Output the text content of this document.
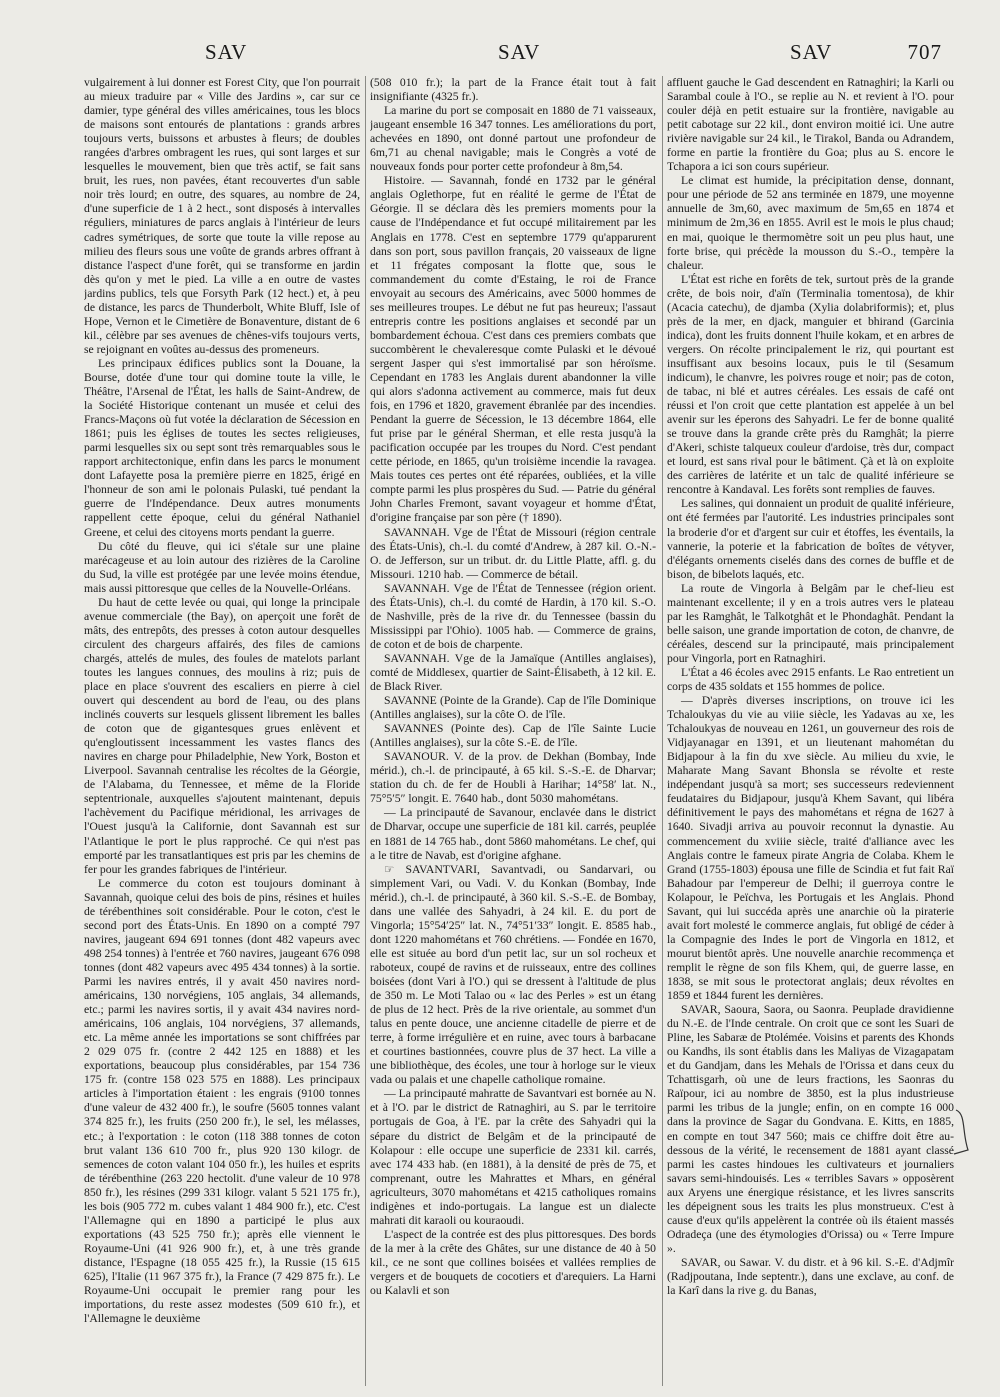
SAV	SAV	SAV	707

vulgairement à lui donner est Forest City, que l'on pourrait au mieux traduire par « Ville des Jardins », car sur ce damier, type général des villes américaines, tous les blocs de maisons sont entourés de plantations : grands arbres toujours verts, buissons et arbustes à fleurs; de doubles rangées d'arbres ombragent les rues, qui sont larges et sur lesquelles le mouvement, bien que très actif, se fait sans bruit, les rues, non pavées, étant recouvertes d'un sable noir très lourd; en outre, des squares, au nombre de 24, d'une superficie de 1 à 2 hect., sont disposés à intervalles réguliers, miniatures de parcs anglais à l'intérieur de leurs cadres symétriques, de sorte que toute la ville repose au milieu des fleurs sous une voûte de grands arbres offrant à distance l'aspect d'une forêt, qui se transforme en jardin dès qu'on y met le pied. La ville a en outre de vastes jardins publics, tels que Forsyth Park (12 hect.) et, à peu de distance, les parcs de Thunderbolt, White Bluff, Isle of Hope, Vernon et le Cimetière de Bonaventure, distant de 6 kil., célèbre par ses avenues de chênes-vifs toujours verts, se rejoignant en voûtes au-dessus des promeneurs.

Les principaux édifices publics sont la Douane, la Bourse, dotée d'une tour qui domine toute la ville, le Théâtre, l'Arsenal de l'État, les halls de Saint-Andrew, de la Société Historique contenant un musée et celui des Francs-Maçons où fut votée la déclaration de Sécession en 1861; puis les églises de toutes les sectes religieuses, parmi lesquelles six ou sept sont très remarquables sous le rapport architectonique, enfin dans les parcs le monument dont Lafayette posa la première pierre en 1825, érigé en l'honneur de son ami le polonais Pulaski, tué pendant la guerre de l'Indépendance. Deux autres monuments rappellent cette époque, celui du général Nathaniel Greene, et celui des citoyens morts pendant la guerre.

Du côté du fleuve, qui ici s'étale sur une plaine marécageuse et au loin autour des rizières de la Caroline du Sud, la ville est protégée par une levée moins étendue, mais aussi pittoresque que celles de la Nouvelle-Orléans.

Du haut de cette levée ou quai, qui longe la principale avenue commerciale (the Bay), on aperçoit une forêt de mâts, des entrepôts, des presses à coton autour desquelles circulent des chargeurs affairés, des files de camions chargés, attelés de mules, des foules de matelots parlant toutes les langues connues, des moulins à riz; puis de place en place s'ouvrent des escaliers en pierre à ciel ouvert qui descendent au bord de l'eau, ou des plans inclinés couverts sur lesquels glissent librement les balles de coton que de gigantesques grues enlèvent et qu'engloutissent incessamment les vastes flancs des navires en charge pour Philadelphie, New York, Boston et Liverpool. Savannah centralise les récoltes de la Géorgie, de l'Alabama, du Tennessee, et même de la Floride septentrionale, auxquelles s'ajoutent maintenant, depuis l'achèvement du Pacifique méridional, les arrivages de l'Ouest jusqu'à la Californie, dont Savannah est sur l'Atlantique le port le plus rapproché. Ce qui n'est pas emporté par les transatlantiques est pris par les chemins de fer pour les grandes fabriques de l'intérieur.

Le commerce du coton est toujours dominant à Savannah, quoique celui des bois de pins, résines et huiles de térébenthines soit considérable. Pour le coton, c'est le second port des États-Unis. En 1890 on a compté 797 navires, jaugeant 694 691 tonnes (dont 482 vapeurs avec 498 254 tonnes) à l'entrée et 760 navires, jaugeant 676 098 tonnes (dont 482 vapeurs avec 495 434 tonnes) à la sortie. Parmi les navires entrés, il y avait 450 navires nord-américains, 130 norvégiens, 105 anglais, 34 allemands, etc.; parmi les navires sortis, il y avait 434 navires nord-américains, 106 anglais, 104 norvégiens, 37 allemands, etc. La même année les importations se sont chiffrées par 2 029 075 fr. (contre 2 442 125 en 1888) et les exportations, beaucoup plus considérables, par 154 736 175 fr. (contre 158 023 575 en 1888). Les principaux articles à l'importation étaient : les engrais (9100 tonnes d'une valeur de 432 400 fr.), le soufre (5605 tonnes valant 374 825 fr.), les fruits (250 200 fr.), le sel, les mélasses, etc.; à l'exportation : le coton (118 388 tonnes de coton brut valant 136 610 700 fr., plus 920 130 kilogr. de semences de coton valant 104 050 fr.), les huiles et esprits de térébenthine (263 220 hectolit. d'une valeur de 10 978 850 fr.), les résines (299 331 kilogr. valant 5 521 175 fr.), les bois (905 772 m. cubes valant 1 484 900 fr.), etc. C'est l'Allemagne qui en 1890 a participé le plus aux exportations (43 525 750 fr.); après elle viennent le Royaume-Uni (41 926 900 fr.), et, à une très grande distance, l'Espagne (18 055 425 fr.), la Russie (15 615 625), l'Italie (11 967 375 fr.), la France (7 429 875 fr.). Le Royaume-Uni occupait le premier rang pour les importations, du reste assez modestes (509 610 fr.), et l'Allemagne le deuxième

(508 010 fr.); la part de la France était tout à fait insignifiante (4325 fr.).

La marine du port se composait en 1880 de 71 vaisseaux, jaugeant ensemble 16 347 tonnes. Les améliorations du port, achevées en 1890, ont donné partout une profondeur de 6m,71 au chenal navigable; mais le Congrès a voté de nouveaux fonds pour porter cette profondeur à 8m,54.

Histoire. — Savannah, fondé en 1732 par le général anglais Oglethorpe, fut en réalité le germe de l'État de Géorgie. Il se déclara dès les premiers moments pour la cause de l'Indépendance et fut occupé militairement par les Anglais en 1778. C'est en septembre 1779 qu'apparurent dans son port, sous pavillon français, 20 vaisseaux de ligne et 11 frégates composant la flotte que, sous le commandement du comte d'Estaing, le roi de France envoyait au secours des Américains, avec 5000 hommes de ses meilleures troupes. Le début ne fut pas heureux; l'assaut entrepris contre les positions anglaises et secondé par un bombardement échoua. C'est dans ces premiers combats que succombèrent le chevaleresque comte Pulaski et le dévoué sergent Jasper qui s'est immortalisé par son héroïsme. Cependant en 1783 les Anglais durent abandonner la ville qui alors s'adonna activement au commerce, mais fut deux fois, en 1796 et 1820, gravement ébranlée par des incendies. Pendant la guerre de Sécession, le 13 décembre 1864, elle fut prise par le général Sherman, et elle resta jusqu'à la pacification occupée par les troupes du Nord. C'est pendant cette période, en 1865, qu'un troisième incendie la ravagea. Mais toutes ces pertes ont été réparées, oubliées, et la ville compte parmi les plus prospères du Sud. — Patrie du général John Charles Fremont, savant voyageur et homme d'État, d'origine française par son père († 1890).

SAVANNAH. Vge de l'État de Missouri (région centrale des États-Unis), ch.-l. du comté d'Andrew, à 287 kil. O.-N.-O. de Jefferson, sur un tribut. dr. du Little Platte, affl. g. du Missouri. 1210 hab. — Commerce de bétail.

SAVANNAH. Vge de l'État de Tennessee (région orient. des États-Unis), ch.-l. du comté de Hardin, à 170 kil. S.-O. de Nashville, près de la rive dr. du Tennessee (bassin du Mississippi par l'Ohio). 1005 hab. — Commerce de grains, de coton et de bois de charpente.

SAVANNAH. Vge de la Jamaïque (Antilles anglaises), comté de Middlesex, quartier de Saint-Élisabeth, à 12 kil. E. de Black River.

SAVANNE (Pointe de la Grande). Cap de l'île Dominique (Antilles anglaises), sur la côte O. de l'île.

SAVANNES (Pointe des). Cap de l'île Sainte Lucie (Antilles anglaises), sur la côte S.-E. de l'île.

SAVANOUR. V. de la prov. de Dekhan (Bombay, Inde mérid.), ch.-l. de principauté, à 65 kil. S.-S.-E. de Dharvar; station du ch. de fer de Houbli à Harihar; 14°58′ lat. N., 75°5′5″ longit. E. 7640 hab., dont 5030 mahométans.

— La principauté de Savanour, enclavée dans le district de Dharvar, occupe une superficie de 181 kil. carrés, peuplée en 1881 de 14 765 hab., dont 5860 mahométans. Le chef, qui a le titre de Navab, est d'origine afghane.

☞ SAVANTVARI, Savantvadi, ou Sandarvari, ou simplement Vari, ou Vadi. V. du Konkan (Bombay, Inde mérid.), ch.-l. de principauté, à 360 kil. S.-S.-E. de Bombay, dans une vallée des Sahyadri, à 24 kil. E. du port de Vingorla; 15°54′25″ lat. N., 74°51′33″ longit. E. 8585 hab., dont 1220 mahométans et 760 chrétiens. — Fondée en 1670, elle est située au bord d'un petit lac, sur un sol rocheux et raboteux, coupé de ravins et de ruisseaux, entre des collines boisées (dont Vari à l'O.) qui se dressent à l'altitude de plus de 350 m. Le Moti Talao ou « lac des Perles » est un étang de plus de 12 hect. Près de la rive orientale, au sommet d'un talus en pente douce, une ancienne citadelle de pierre et de terre, à forme irrégulière et en ruine, avec tours à barbacane et courtines bastionnées, couvre plus de 37 hect. La ville a une bibliothèque, des écoles, une tour à horloge sur le vieux vada ou palais et une chapelle catholique romaine.

— La principauté mahratte de Savantvari est bornée au N. et à l'O. par le district de Ratnaghiri, au S. par le territoire portugais de Goa, à l'E. par la crête des Sahyadri qui la sépare du district de Belgâm et de la principauté de Kolapour : elle occupe une superficie de 2331 kil. carrés, avec 174 433 hab. (en 1881), à la densité de près de 75, et comprenant, outre les Mahrattes et Mhars, en général agriculteurs, 3070 mahométans et 4215 catholiques romains indigènes et indo-portugais. La langue est un dialecte mahrati dit karaoli ou kouraoudi.

L'aspect de la contrée est des plus pittoresques. Des bords de la mer à la crête des Ghâtes, sur une distance de 40 à 50 kil., ce ne sont que collines boisées et vallées remplies de vergers et de bouquets de cocotiers et d'arequiers. La Harni ou Kalavli et son

affluent gauche le Gad descendent en Ratnaghiri; la Karli ou Sarambal coule à l'O., se replie au N. et revient à l'O. pour couler déjà en petit estuaire sur la frontière, navigable au petit cabotage sur 22 kil., dont environ moitié ici. Une autre rivière navigable sur 24 kil., le Tirakol, Banda ou Adrandem, forme en partie la frontière du Goa; plus au S. encore le Tchapora a ici son cours supérieur.

Le climat est humide, la précipitation dense, donnant, pour une période de 52 ans terminée en 1879, une moyenne annuelle de 3m,60, avec maximum de 5m,65 en 1874 et minimum de 2m,36 en 1855. Avril est le mois le plus chaud; en mai, quoique le thermomètre soit un peu plus haut, une forte brise, qui précède la mousson du S.-O., tempère la chaleur.

L'État est riche en forêts de tek, surtout près de la grande crête, de bois noir, d'aïn (Terminalia tomentosa), de khir (Acacia catechu), de djamba (Xylia dolabriformis); et, plus près de la mer, en djack, manguier et bhirand (Garcinia indica), dont les fruits donnent l'huile kokam, et en arbres de vergers. On récolte principalement le riz, qui pourtant est insuffisant aux besoins locaux, puis le til (Sesamum indicum), le chanvre, les poivres rouge et noir; pas de coton, de tabac, ni blé et autres céréales. Les essais de café ont réussi et l'on croit que cette plantation est appelée à un bel avenir sur les éperons des Sahyadri. Le fer de bonne qualité se trouve dans la grande crête près du Ramghât; la pierre d'Akeri, schiste talqueux couleur d'ardoise, très dur, compact et lourd, est sans rival pour le bâtiment. Çà et là on exploite des carrières de latérite et un talc de qualité inférieure se rencontre à Kandaval. Les forêts sont remplies de fauves.

Les salines, qui donnaient un produit de qualité inférieure, ont été fermées par l'autorité. Les industries principales sont la broderie d'or et d'argent sur cuir et étoffes, les éventails, la vannerie, la poterie et la fabrication de boîtes de vétyver, d'élégants ornements ciselés dans des cornes de buffle et de bison, de bibelots laqués, etc.

La route de Vingorla à Belgâm par le chef-lieu est maintenant excellente; il y en a trois autres vers le plateau par les Ramghât, le Talkotghât et le Phondaghât. Pendant la belle saison, une grande importation de coton, de chanvre, de céréales, descend sur la principauté, mais principalement pour Vingorla, port en Ratnaghiri.

L'État a 46 écoles avec 2915 enfants. Le Rao entretient un corps de 435 soldats et 155 hommes de police.

— D'après diverses inscriptions, on trouve ici les Tchaloukyas du vie au viiie siècle, les Yadavas au xe, les Tchaloukyas de nouveau en 1261, un gouverneur des rois de Vidjayanagar en 1391, et un lieutenant mahométan du Bidjapour à la fin du xve siècle. Au milieu du xvie, le Maharate Mang Savant Bhonsla se révolte et reste indépendant jusqu'à sa mort; ses successeurs redeviennent feudataires du Bidjapour, jusqu'à Khem Savant, qui libéra définitivement le pays des mahométans et régna de 1627 à 1640. Sivadji arriva au pouvoir reconnut la dynastie. Au commencement du xviiie siècle, traité d'alliance avec les Anglais contre le fameux pirate Angria de Colaba. Khem le Grand (1755-1803) épousa une fille de Scindia et fut fait Raï Bahadour par l'empereur de Delhi; il guerroya contre le Kolapour, le Peïchva, les Portugais et les Anglais. Phond Savant, qui lui succéda après une anarchie où la piraterie avait fort molesté le commerce anglais, fut obligé de céder à la Compagnie des Indes le port de Vingorla en 1812, et mourut bientôt après. Une nouvelle anarchie recommença et remplit le règne de son fils Khem, qui, de guerre lasse, en 1838, se mit sous le protectorat anglais; deux révoltes en 1859 et 1844 furent les dernières.

SAVAR, Saoura, Saora, ou Saonra. Peuplade dravidienne du N.-E. de l'Inde centrale. On croit que ce sont les Suari de Pline, les Sabaræ de Ptolémée. Voisins et parents des Khonds ou Kandhs, ils sont établis dans les Maliyas de Vizagapatam et du Gandjam, dans les Mehals de l'Orissa et dans ceux du Tchattisgarh, où une de leurs fractions, les Saonras du Raïpour, ici au nombre de 3850, est la plus industrieuse parmi les tribus de la jungle; enfin, on en compte 16 000 dans la province de Sagar du Gondvana. E. Kitts, en 1885, en compte en tout 347 560; mais ce chiffre doit être au-dessous de la vérité, le recensement de 1881 ayant classé parmi les castes hindoues les cultivateurs et journaliers savars semi-hindouisés. Les « terribles Savars » opposèrent aux Aryens une énergique résistance, et les livres sanscrits les dépeignent sous les traits les plus monstrueux. C'est à cause d'eux qu'ils appelèrent la contrée où ils étaient massés Odradeça (une des étymologies d'Orissa) ou « Terre Impure ».

SAVAR, ou Sawar. V. du distr. et à 96 kil. S.-E. d'Adjmîr (Radjpoutana, Inde septentr.), dans une exclave, au conf. de la Karî dans la rive g. du Banas,
